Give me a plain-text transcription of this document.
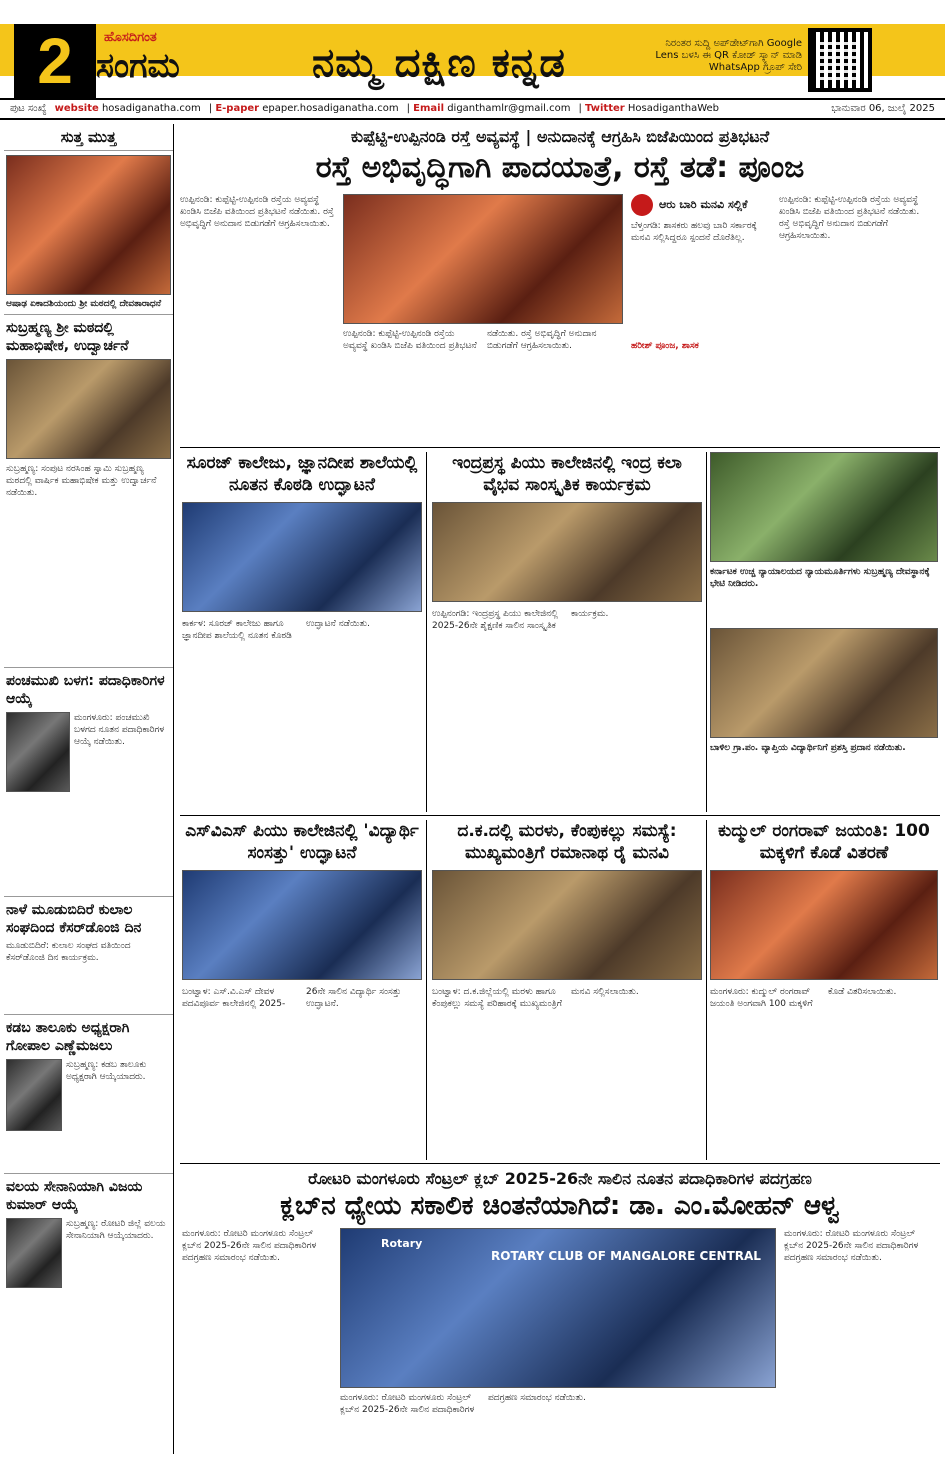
2	ಹೊಸದಿಗಂತ
ಸಂಗಮ	ನಮ್ಮ ದಕ್ಷಿಣ ಕನ್ನಡ	ನಿರಂತರ ಸುದ್ದಿ ಅಪ್‌ಡೇಟ್‌ಗಾಗಿ Google Lens ಬಳಸಿ ಈ QR ಕೋಡ್ ಸ್ಕ್ಯಾನ್ ಮಾಡಿ WhatsApp ಗ್ರೂಪ್ ಸೇರಿ
ಪುಟ ಸಂಖ್ಯೆ website hosadiganatha.com | E-paper epaper.hosadiganatha.com | Email diganthamlr@gmail.com | Twitter HosadiganthaWeb	ಭಾನುವಾರ 06, ಜುಲೈ 2025
ಸುತ್ತ ಮುತ್ತ
ಆಷಾಢ ಏಕಾದಶಿಯಂದು ಶ್ರೀ ಮಠದಲ್ಲಿ ದೇವತಾರಾಧನೆ
ಸುಬ್ರಹ್ಮಣ್ಯ ಶ್ರೀ ಮಠದಲ್ಲಿ ಮಹಾಭಿಷೇಕ, ಉದ್ವಾರ್ಚನೆ
ಸುಬ್ರಹ್ಮಣ್ಯ: ಸಂಪುಟ ನರಸಿಂಹ ಸ್ವಾಮಿ ಸುಬ್ರಹ್ಮಣ್ಯ ಮಠದಲ್ಲಿ ವಾರ್ಷಿಕ ಮಹಾಭಿಷೇಕ ಮತ್ತು ಉದ್ವಾರ್ಚನೆ ನಡೆಯಿತು.
ಪಂಚಮುಖಿ ಬಳಗ: ಪದಾಧಿಕಾರಿಗಳ ಆಯ್ಕೆ
ಮಂಗಳೂರು: ಪಂಚಮುಖಿ ಬಳಗದ ನೂತನ ಪದಾಧಿಕಾರಿಗಳ ಆಯ್ಕೆ ನಡೆಯಿತು.
ನಾಳೆ ಮೂಡುಬಿದಿರೆ ಕುಲಾಲ ಸಂಘದಿಂದ ಕೆಸರ್‌ಡೊಂಜಿ ದಿನ
ಮೂಡುಬಿದಿರೆ: ಕುಲಾಲ ಸಂಘದ ವತಿಯಿಂದ ಕೆಸರ್‌ಡೊಂಜಿ ದಿನ ಕಾರ್ಯಕ್ರಮ.
ಕಡಬ ತಾಲೂಕು ಅಧ್ಯಕ್ಷರಾಗಿ ಗೋಪಾಲ ಎಣ್ಣೆಮಜಲು
ಸುಬ್ರಹ್ಮಣ್ಯ: ಕಡಬ ತಾಲೂಕು ಅಧ್ಯಕ್ಷರಾಗಿ ಆಯ್ಕೆಯಾದರು.
ವಲಯ ಸೇನಾನಿಯಾಗಿ ವಿಜಯ ಕುಮಾರ್ ಆಯ್ಕೆ
ಸುಬ್ರಹ್ಮಣ್ಯ: ರೋಟರಿ ಜಿಲ್ಲೆ ವಲಯ ಸೇನಾನಿಯಾಗಿ ಆಯ್ಕೆಯಾದರು.
ಕುಪ್ಪೆಟ್ಟಿ-ಉಪ್ಪಿನಂಡಿ ರಸ್ತೆ ಅವ್ಯವಸ್ಥೆ | ಅನುದಾನಕ್ಕೆ ಆಗ್ರಹಿಸಿ ಬಿಜೆಪಿಯಿಂದ ಪ್ರತಿಭಟನೆ
ರಸ್ತೆ ಅಭಿವೃದ್ಧಿಗಾಗಿ ಪಾದಯಾತ್ರೆ, ರಸ್ತೆ ತಡೆ: ಪೂಂಜ
ಉಪ್ಪಿನಂಡಿ: ಕುಪ್ಪೆಟ್ಟಿ-ಉಪ್ಪಿನಂಡಿ ರಸ್ತೆಯ ಅವ್ಯವಸ್ಥೆ ಖಂಡಿಸಿ ಬಿಜೆಪಿ ವತಿಯಿಂದ ಪ್ರತಿಭಟನೆ ನಡೆಯಿತು. ರಸ್ತೆ ಅಭಿವೃದ್ಧಿಗೆ ಅನುದಾನ ಬಿಡುಗಡೆಗೆ ಆಗ್ರಹಿಸಲಾಯಿತು.
ಉಪ್ಪಿನಂಡಿ: ಕುಪ್ಪೆಟ್ಟಿ-ಉಪ್ಪಿನಂಡಿ ರಸ್ತೆಯ ಅವ್ಯವಸ್ಥೆ ಖಂಡಿಸಿ ಬಿಜೆಪಿ ವತಿಯಿಂದ ಪ್ರತಿಭಟನೆ ನಡೆಯಿತು. ರಸ್ತೆ ಅಭಿವೃದ್ಧಿಗೆ ಅನುದಾನ ಬಿಡುಗಡೆಗೆ ಆಗ್ರಹಿಸಲಾಯಿತು.
ಆರು ಬಾರಿ ಮನವಿ ಸಲ್ಲಿಕೆ
ಬೆಳ್ತಂಗಡಿ: ಶಾಸಕರು ಹಲವು ಬಾರಿ ಸರ್ಕಾರಕ್ಕೆ ಮನವಿ ಸಲ್ಲಿಸಿದ್ದರೂ ಸ್ಪಂದನೆ ದೊರೆತಿಲ್ಲ.
ಹರೀಶ್ ಪೂಂಜ, ಶಾಸಕ
ಉಪ್ಪಿನಂಡಿ: ಕುಪ್ಪೆಟ್ಟಿ-ಉಪ್ಪಿನಂಡಿ ರಸ್ತೆಯ ಅವ್ಯವಸ್ಥೆ ಖಂಡಿಸಿ ಬಿಜೆಪಿ ವತಿಯಿಂದ ಪ್ರತಿಭಟನೆ ನಡೆಯಿತು. ರಸ್ತೆ ಅಭಿವೃದ್ಧಿಗೆ ಅನುದಾನ ಬಿಡುಗಡೆಗೆ ಆಗ್ರಹಿಸಲಾಯಿತು.
ಸೂರಜ್ ಕಾಲೇಜು, ಜ್ಞಾನದೀಪ ಶಾಲೆಯಲ್ಲಿ ನೂತನ ಕೊಠಡಿ ಉದ್ಘಾಟನೆ
ಕಾರ್ಕಳ: ಸೂರಜ್ ಕಾಲೇಜು ಹಾಗೂ ಜ್ಞಾನದೀಪ ಶಾಲೆಯಲ್ಲಿ ನೂತನ ಕೊಠಡಿ ಉದ್ಘಾಟನೆ ನಡೆಯಿತು.
ಇಂದ್ರಪ್ರಸ್ಥ ಪಿಯು ಕಾಲೇಜಿನಲ್ಲಿ ಇಂದ್ರ ಕಲಾ ವೈಭವ ಸಾಂಸ್ಕೃತಿಕ ಕಾರ್ಯಕ್ರಮ
ಉಪ್ಪಿನಂಗಡಿ: ಇಂದ್ರಪ್ರಸ್ಥ ಪಿಯು ಕಾಲೇಜಿನಲ್ಲಿ 2025-26ನೇ ಶೈಕ್ಷಣಿಕ ಸಾಲಿನ ಸಾಂಸ್ಕೃತಿಕ ಕಾರ್ಯಕ್ರಮ.
ಕರ್ನಾಟಕ ಉಚ್ಚ ನ್ಯಾಯಾಲಯದ ನ್ಯಾಯಮೂರ್ತಿಗಳು ಸುಬ್ರಹ್ಮಣ್ಯ ದೇವಸ್ಥಾನಕ್ಕೆ ಭೇಟಿ ನೀಡಿದರು.
ಬಾಳಿಲ ಗ್ರಾ.ಪಂ. ವ್ಯಾಪ್ತಿಯ ವಿದ್ಯಾರ್ಥಿನಿಗೆ ಪ್ರಶಸ್ತಿ ಪ್ರದಾನ ನಡೆಯಿತು.
ಎಸ್‌ವಿಎಸ್ ಪಿಯು ಕಾಲೇಜಿನಲ್ಲಿ 'ವಿದ್ಯಾರ್ಥಿ ಸಂಸತ್ತು' ಉದ್ಘಾಟನೆ
ಬಂಟ್ವಾಳ: ಎಸ್.ವಿ.ಎಸ್ ದೇವಳ ಪದವಿಪೂರ್ವ ಕಾಲೇಜಿನಲ್ಲಿ 2025-26ನೇ ಸಾಲಿನ ವಿದ್ಯಾರ್ಥಿ ಸಂಸತ್ತು ಉದ್ಘಾಟನೆ.
ದ.ಕ.ದಲ್ಲಿ ಮರಳು, ಕೆಂಪುಕಲ್ಲು ಸಮಸ್ಯೆ: ಮುಖ್ಯಮಂತ್ರಿಗೆ ರಮಾನಾಥ ರೈ ಮನವಿ
ಬಂಟ್ವಾಳ: ದ.ಕ.ಜಿಲ್ಲೆಯಲ್ಲಿ ಮರಳು ಹಾಗೂ ಕೆಂಪುಕಲ್ಲು ಸಮಸ್ಯೆ ಪರಿಹಾರಕ್ಕೆ ಮುಖ್ಯಮಂತ್ರಿಗೆ ಮನವಿ ಸಲ್ಲಿಸಲಾಯಿತು.
ಕುದ್ಮುಲ್ ರಂಗರಾವ್ ಜಯಂತಿ: 100 ಮಕ್ಕಳಿಗೆ ಕೊಡೆ ವಿತರಣೆ
ಮಂಗಳೂರು: ಕುದ್ಮುಲ್ ರಂಗರಾವ್ ಜಯಂತಿ ಅಂಗವಾಗಿ 100 ಮಕ್ಕಳಿಗೆ ಕೊಡೆ ವಿತರಿಸಲಾಯಿತು.
ರೋಟರಿ ಮಂಗಳೂರು ಸೆಂಟ್ರಲ್ ಕ್ಲಬ್ 2025-26ನೇ ಸಾಲಿನ ನೂತನ ಪದಾಧಿಕಾರಿಗಳ ಪದಗ್ರಹಣ
ಕ್ಲಬ್‌ನ ಧ್ಯೇಯ ಸಕಾಲಿಕ ಚಿಂತನೆಯಾಗಿದೆ: ಡಾ. ಎಂ.ಮೋಹನ್ ಆಳ್ವ
ಮಂಗಳೂರು: ರೋಟರಿ ಮಂಗಳೂರು ಸೆಂಟ್ರಲ್ ಕ್ಲಬ್‌ನ 2025-26ನೇ ಸಾಲಿನ ಪದಾಧಿಕಾರಿಗಳ ಪದಗ್ರಹಣ ಸಮಾರಂಭ ನಡೆಯಿತು.	ROTARY CLUB OF MANGALORE CENTRAL
Rotary
ಮಂಗಳೂರು: ರೋಟರಿ ಮಂಗಳೂರು ಸೆಂಟ್ರಲ್ ಕ್ಲಬ್‌ನ 2025-26ನೇ ಸಾಲಿನ ಪದಾಧಿಕಾರಿಗಳ ಪದಗ್ರಹಣ ಸಮಾರಂಭ ನಡೆಯಿತು.
ಮಂಗಳೂರು: ರೋಟರಿ ಮಂಗಳೂರು ಸೆಂಟ್ರಲ್ ಕ್ಲಬ್‌ನ 2025-26ನೇ ಸಾಲಿನ ಪದಾಧಿಕಾರಿಗಳ ಪದಗ್ರಹಣ ಸಮಾರಂಭ ನಡೆಯಿತು.
